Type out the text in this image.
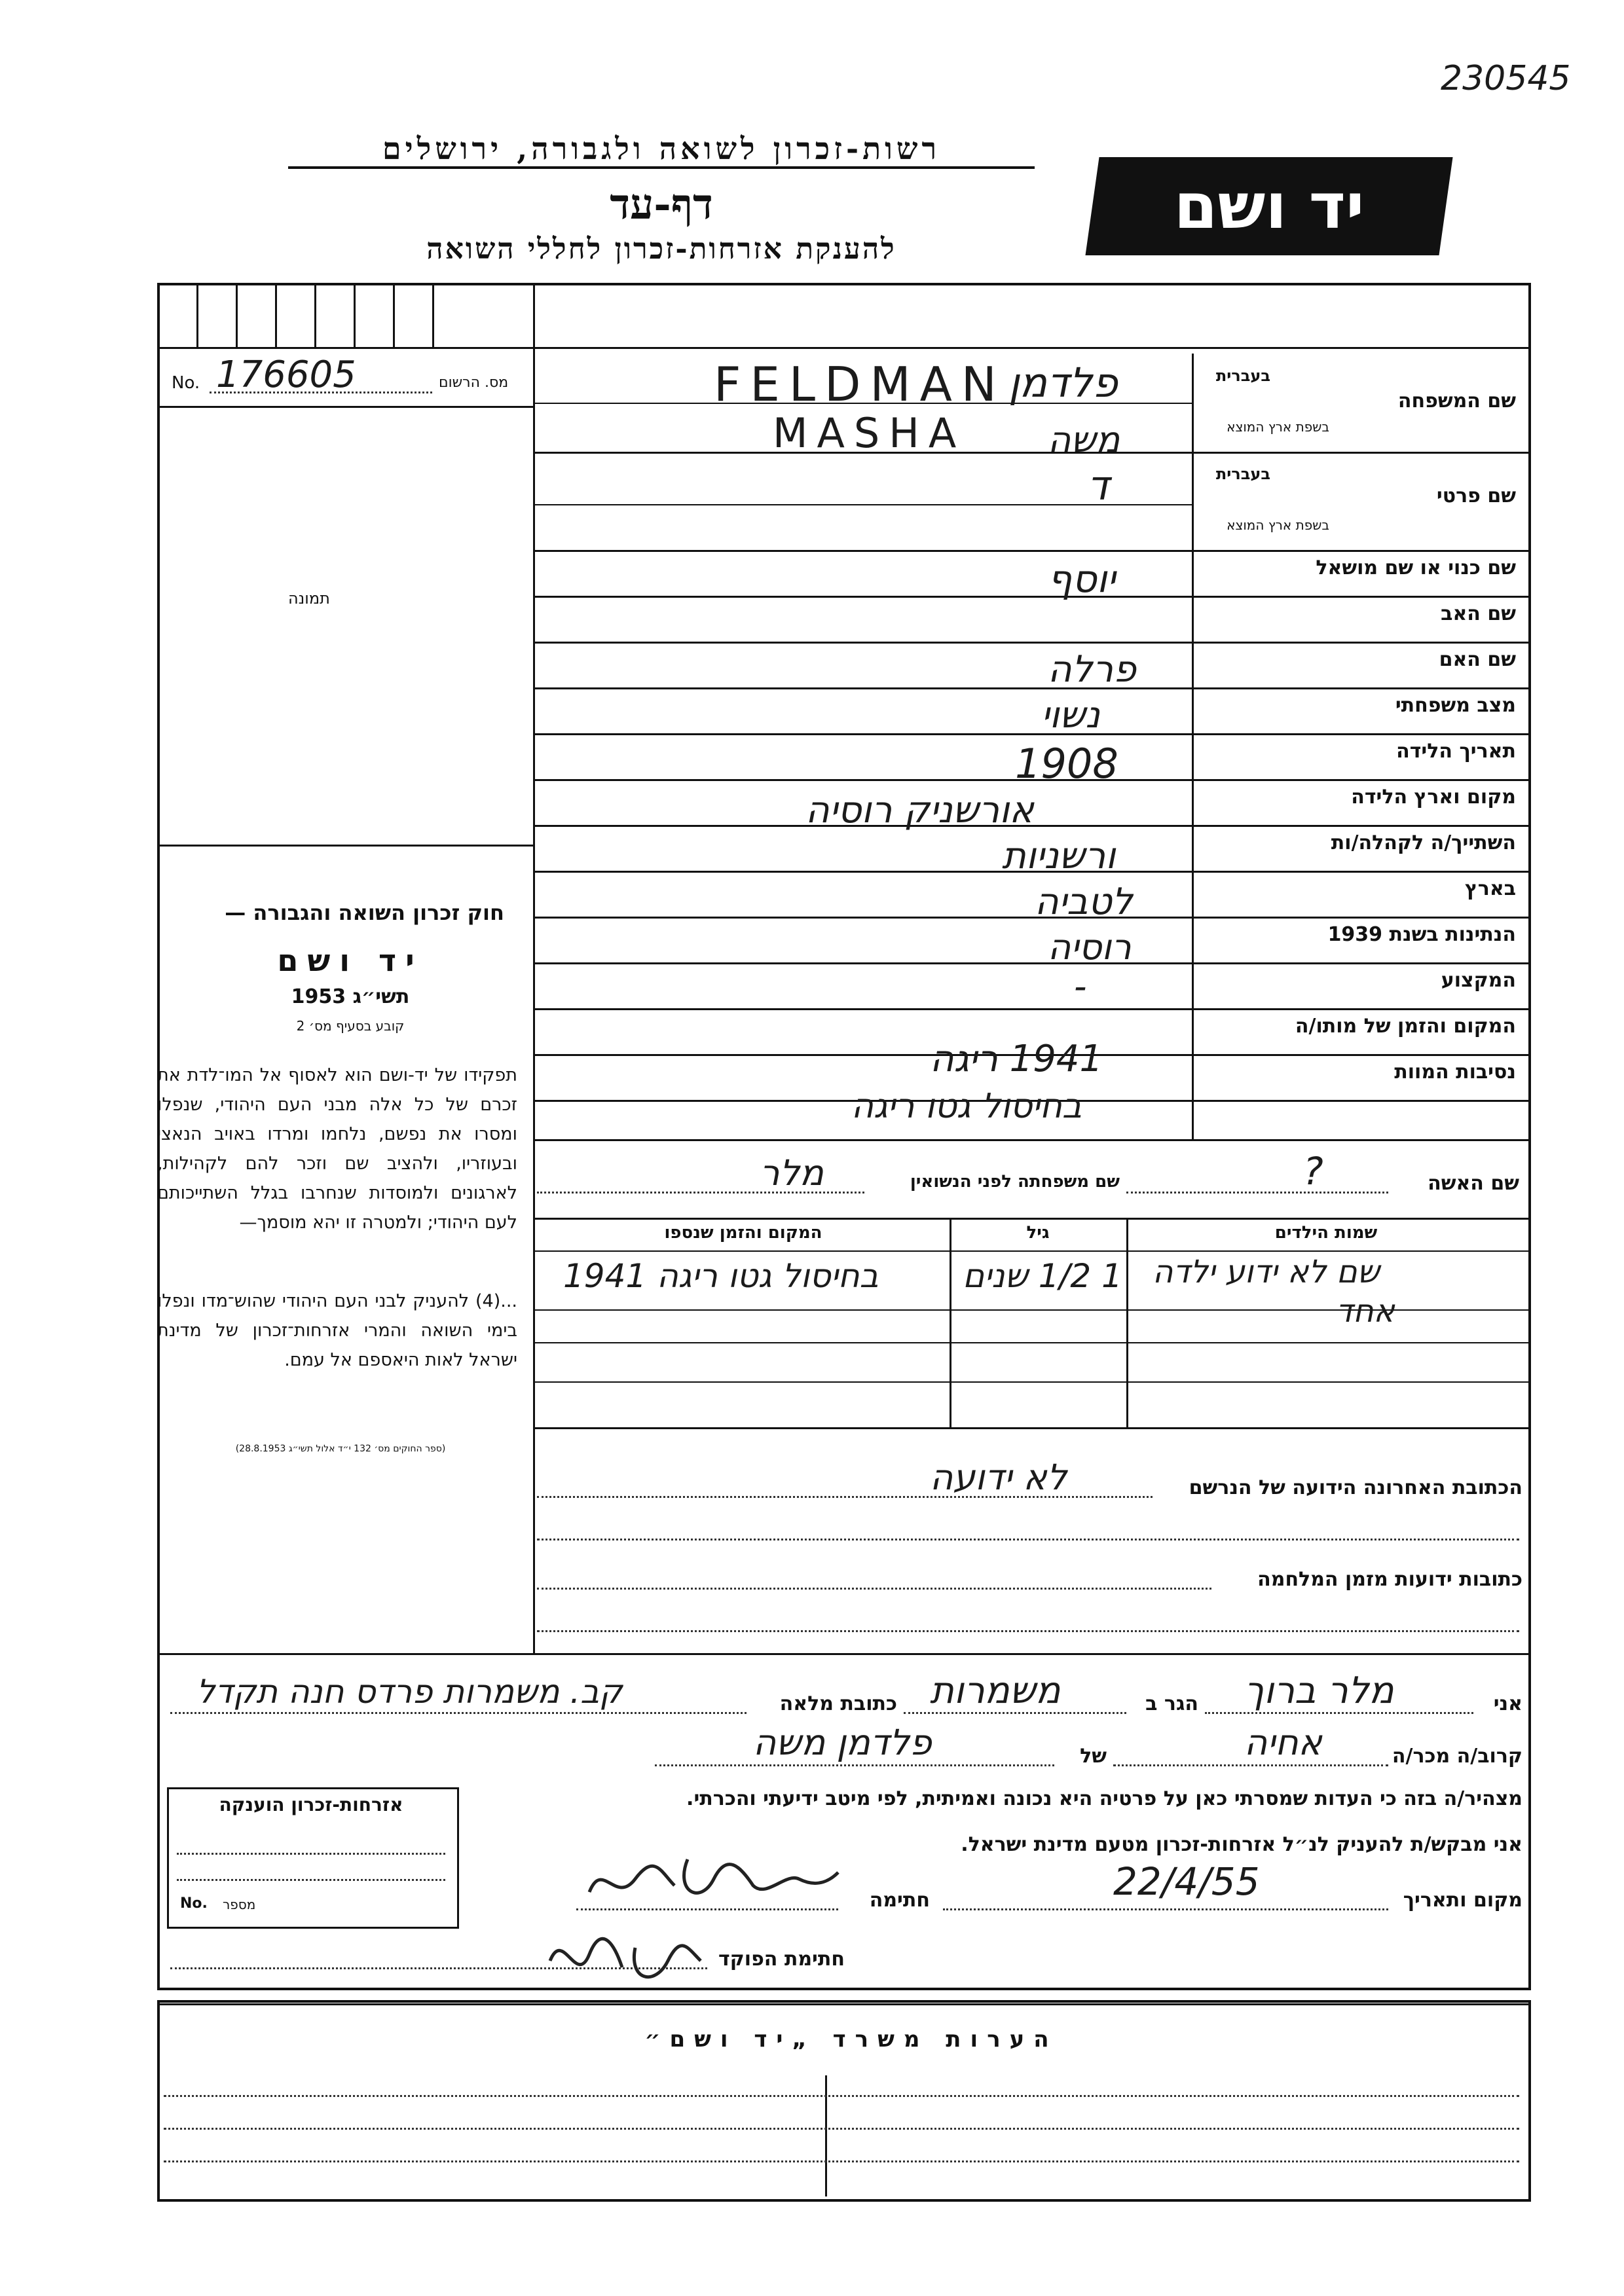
230545
רשות-זכרון לשואה ולגבורה, ירושלים
דף-עד
להענקת אזרחות-זכרון לחללי השואה
יד ושם
No. 176605	מס. הרשום
תמונה
חוק זכרון השואה והגבורה —
יד ושם
תשי״ג 1953
קובע בסעיף מס׳ 2
תפקידו של יד-ושם הוא לאסוף אל המו־לדת את זכרם של כל אלה מבני העם היהודי, שנפלו ומסרו את נפשם, נלחמו ומרדו באויב הנאצי ובעוזריו, ולהציב שם וזכר להם לקהילות, לארגונים ולמוסדות שנחרבו בגלל השתייכותם לעם היהודי; ולמטרה זו יהא מוסמך—
...(4) להעניק לבני העם היהודי שהוש־מדו ונפלו בימי השואה והמרי אזרחות־זכרון של מדינת ישראל לאות היאספם אל עמם.
(ספר החוקים מס׳ 132 י״ד אלול תשי״ג 28.8.1953)
בעברית
בשפת ארץ המוצא
שם המשפחה
בעברית
בשפת ארץ המוצא
שם פרטי
שם כנוי או שם מושאל
שם האב
שם האם
מצב משפחתי
תאריך הלידה
מקום וארץ הלידה
השתייך/ה לקהלה/ות
בארץ
הנתינות בשנת 1939
המקצוע
המקום והזמן של מותו/ה
נסיבות המוות
FELDMAN פלדמן
MASHA משה
ד
יוסף
פרלה
נשוי
1908
אורשניק רוסיה
ורשניות
לטביה
רוסיה
-
1941 ריגה
בחיסול גטו ריגה
שם האשה
?
שם משפחתה לפני הנשואין
מלר
שמות הילדים
גיל
המקום והזמן שנספו
שם לא ידוע ילדה
אחד
1 1/2 שנים
בחיסול גטו ריגה 1941
הכתובת האחרונה הידועה של הנרשם
לא ידועה
כתובות ידועות מזמן המלחמה
אני
מלר ברוך
הגר ב
משמרות
כתובת מלאה
קב. משמרות פרדס חנה תקדל
קרוב/ה מכר/ה
אחיה
של
פלדמן משה
מצהיר/ה בזה כי העדות שמסרתי כאן על פרטיה היא נכונה ואמיתית, לפי מיטב ידיעתי והכרתי.
אני מבקש/ת להעניק לנ״ל אזרחות-זכרון מטעם מדינת ישראל.
מקום ותאריך
22/4/55
חתימה
אזרחות-זכרון הוענקה
No. מספר
חתימת הפוקד
הערות משרד „יד ושם״
